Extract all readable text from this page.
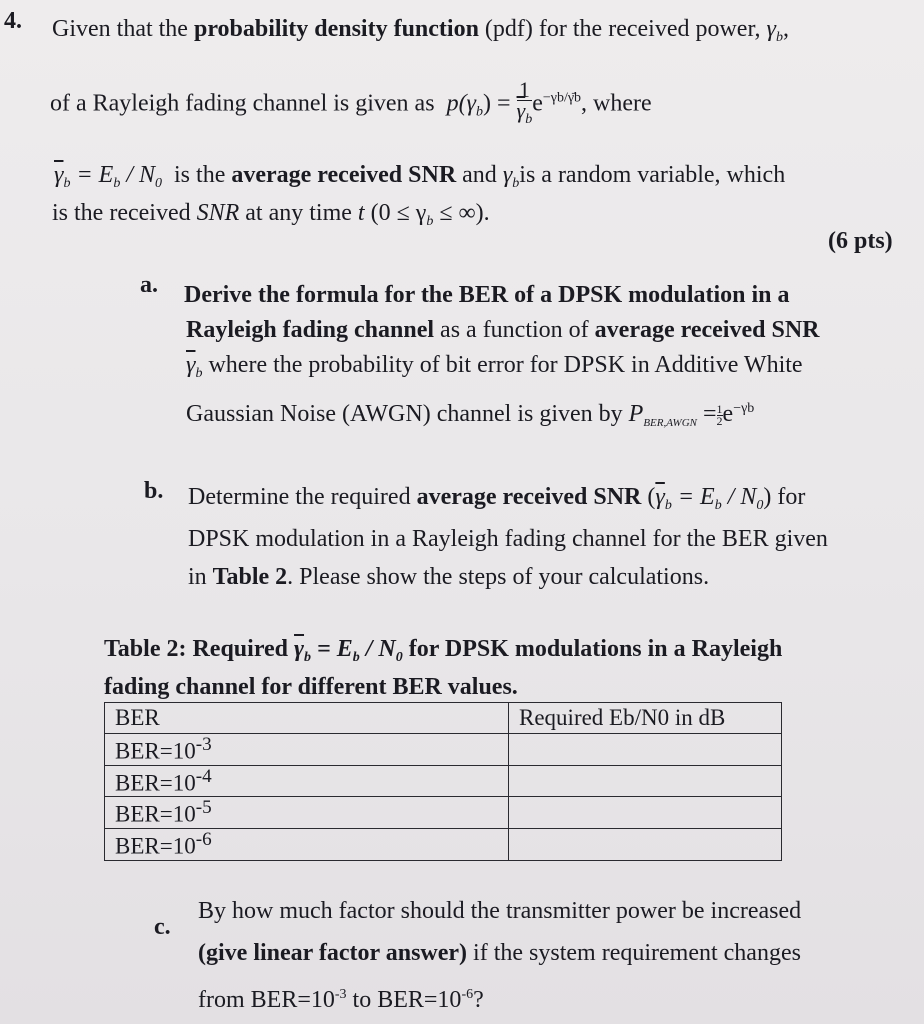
4. Given that the probability density function (pdf) for the received power, $\gamma_b$,
of a Rayleigh fading channel is given as $p(\gamma_b) = \frac{1}{\overline{\gamma}_b} e^{-\gamma b/\gammāb}$, where
$\overline{\gamma}_b = E_b / N_0$ is the average received SNR and $\gamma_bis$ a random variable, which
is the received SNR at any time t ($0 \le \gamma_b$ ≤ ∞).
(6 pts)
a. Derive the formula for the BER of a DPSK modulation in a
Rayleigh fading channel as a function of average received SNR
$\overline{\gamma}_b$ where the probability of bit error for DPSK in Additive White
Gaussian Noise (AWGN) channel is given by $P_{BER,AWGN} = \frac{1}{2}e^{-\gamma b}$
b. Determine the required average received SNR $(\overline{\gamma}_b = E_b / N_0)$ for
DPSK modulation in a Rayleigh fading channel for the BER given
in Table 2. Please show the steps of your calculations.
Table 2: Required $\overline{\gamma}_b = E_b / N_0$ for DPSK modulations in a Rayleigh
fading channel for different BER values.
BER	Required Eb/N0 in dB
$BER=10^{-3}$	
$BER=10^{-4}$	
$BER=10^{-5}$	
$BER=10^{-6}$	
c.
By how much factor should the transmitter power be increased
(give linear factor answer) if the system requirement changes
from $BER=10^{-3}$ to $BER=10^{-6}$?
